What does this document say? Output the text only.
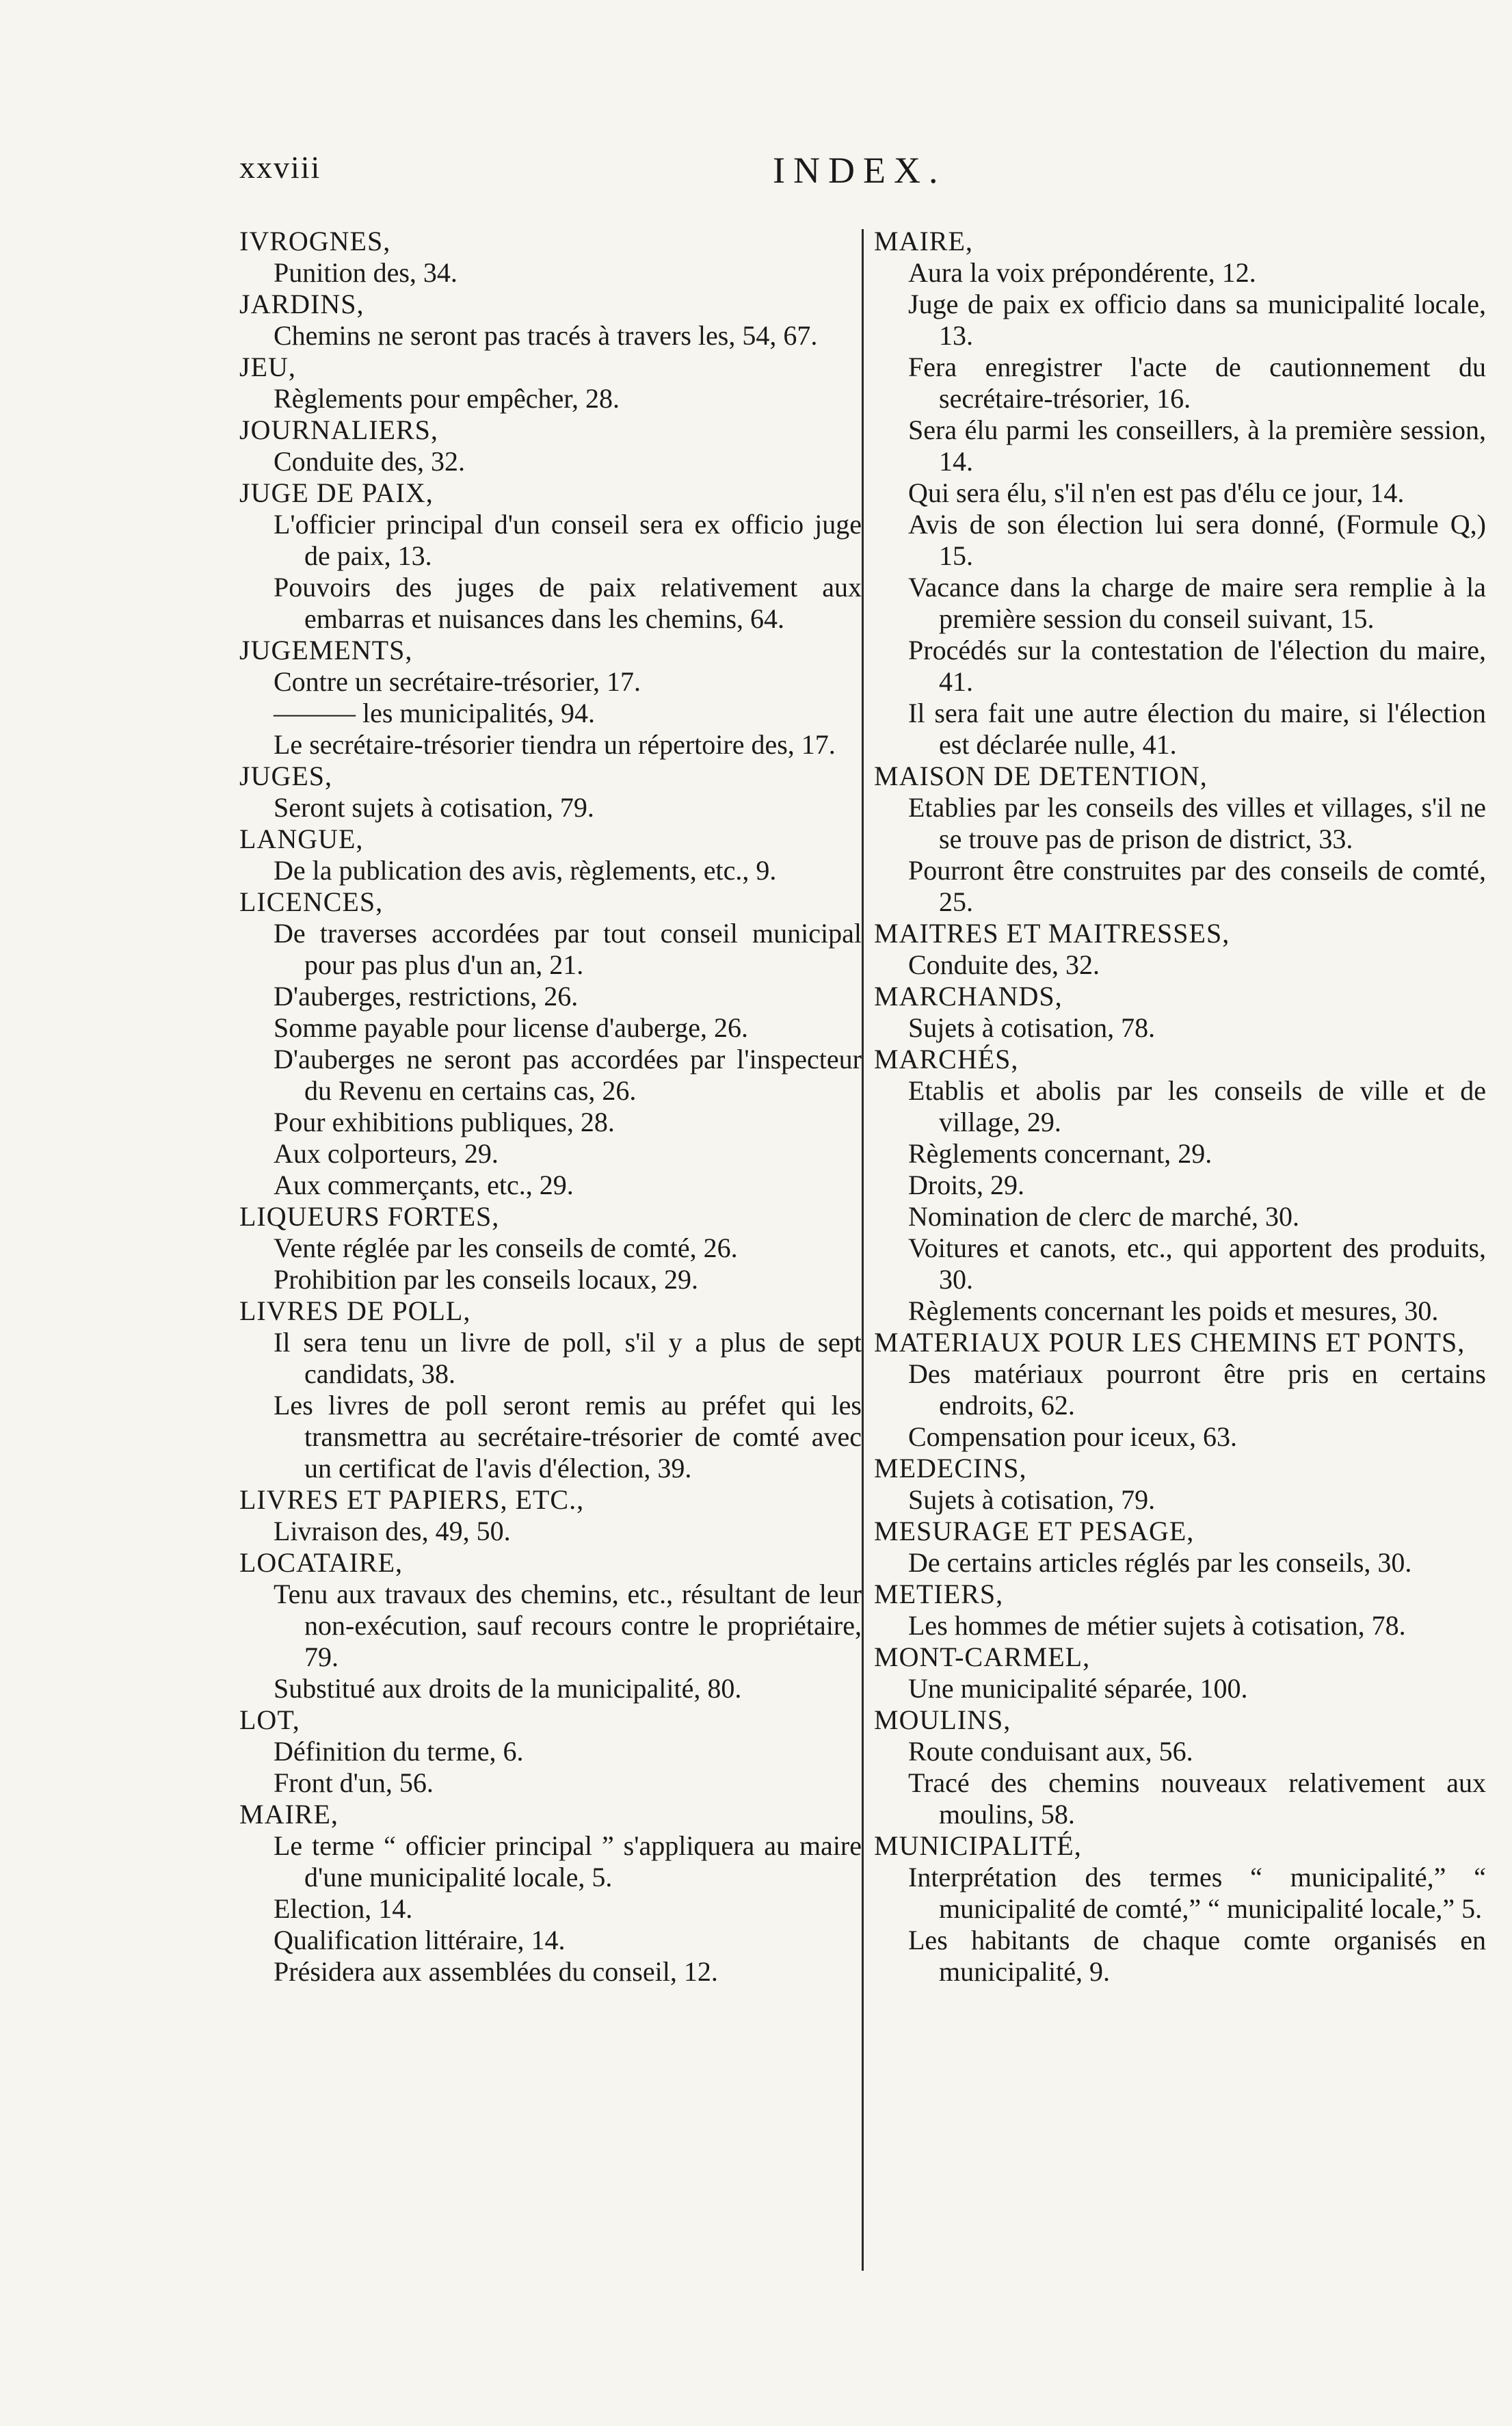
xxviii	INDEX.

IVROGNES,

Punition des, 34.

JARDINS,

Chemins ne seront pas tracés à travers les, 54, 67.

JEU,

Règlements pour empêcher, 28.

JOURNALIERS,

Conduite des, 32.

JUGE DE PAIX,

L'officier principal d'un conseil sera ex officio juge de paix, 13.

Pouvoirs des juges de paix relativement aux embarras et nuisances dans les chemins, 64.

JUGEMENTS,

Contre un secrétaire-trésorier, 17.

——— les municipalités, 94.

Le secrétaire-trésorier tiendra un répertoire des, 17.

JUGES,

Seront sujets à cotisation, 79.

LANGUE,

De la publication des avis, règlements, etc., 9.

LICENCES,

De traverses accordées par tout conseil municipal pour pas plus d'un an, 21.

D'auberges, restrictions, 26.

Somme payable pour license d'auberge, 26.

D'auberges ne seront pas accordées par l'inspecteur du Revenu en certains cas, 26.

Pour exhibitions publiques, 28.

Aux colporteurs, 29.

Aux commerçants, etc., 29.

LIQUEURS FORTES,

Vente réglée par les conseils de comté, 26.

Prohibition par les conseils locaux, 29.

LIVRES DE POLL,

Il sera tenu un livre de poll, s'il y a plus de sept candidats, 38.

Les livres de poll seront remis au préfet qui les transmettra au secrétaire-trésorier de comté avec un certificat de l'avis d'élection, 39.

LIVRES ET PAPIERS, ETC.,

Livraison des, 49, 50.

LOCATAIRE,

Tenu aux travaux des chemins, etc., résultant de leur non-exécution, sauf recours contre le propriétaire, 79.

Substitué aux droits de la municipalité, 80.

LOT,

Définition du terme, 6.

Front d'un, 56.

MAIRE,

Le terme “ officier principal ” s'appliquera au maire d'une municipalité locale, 5.

Election, 14.

Qualification littéraire, 14.

Présidera aux assemblées du conseil, 12.

MAIRE,

Aura la voix prépondérente, 12.

Juge de paix ex officio dans sa municipalité locale, 13.

Fera enregistrer l'acte de cautionnement du secrétaire-trésorier, 16.

Sera élu parmi les conseillers, à la première session, 14.

Qui sera élu, s'il n'en est pas d'élu ce jour, 14.

Avis de son élection lui sera donné, (Formule Q,) 15.

Vacance dans la charge de maire sera remplie à la première session du conseil suivant, 15.

Procédés sur la contestation de l'élection du maire, 41.

Il sera fait une autre élection du maire, si l'élection est déclarée nulle, 41.

MAISON DE DETENTION,

Etablies par les conseils des villes et villages, s'il ne se trouve pas de prison de district, 33.

Pourront être construites par des conseils de comté, 25.

MAITRES ET MAITRESSES,

Conduite des, 32.

MARCHANDS,

Sujets à cotisation, 78.

MARCHÉS,

Etablis et abolis par les conseils de ville et de village, 29.

Règlements concernant, 29.

Droits, 29.

Nomination de clerc de marché, 30.

Voitures et canots, etc., qui apportent des produits, 30.

Règlements concernant les poids et mesures, 30.

MATERIAUX POUR LES CHEMINS ET PONTS,

Des matériaux pourront être pris en certains endroits, 62.

Compensation pour iceux, 63.

MEDECINS,

Sujets à cotisation, 79.

MESURAGE ET PESAGE,

De certains articles réglés par les conseils, 30.

METIERS,

Les hommes de métier sujets à cotisation, 78.

MONT-CARMEL,

Une municipalité séparée, 100.

MOULINS,

Route conduisant aux, 56.

Tracé des chemins nouveaux relativement aux moulins, 58.

MUNICIPALITÉ,

Interprétation des termes “ municipalité,” “ municipalité de comté,” “ municipalité locale,” 5.

Les habitants de chaque comte organisés en municipalité, 9.
